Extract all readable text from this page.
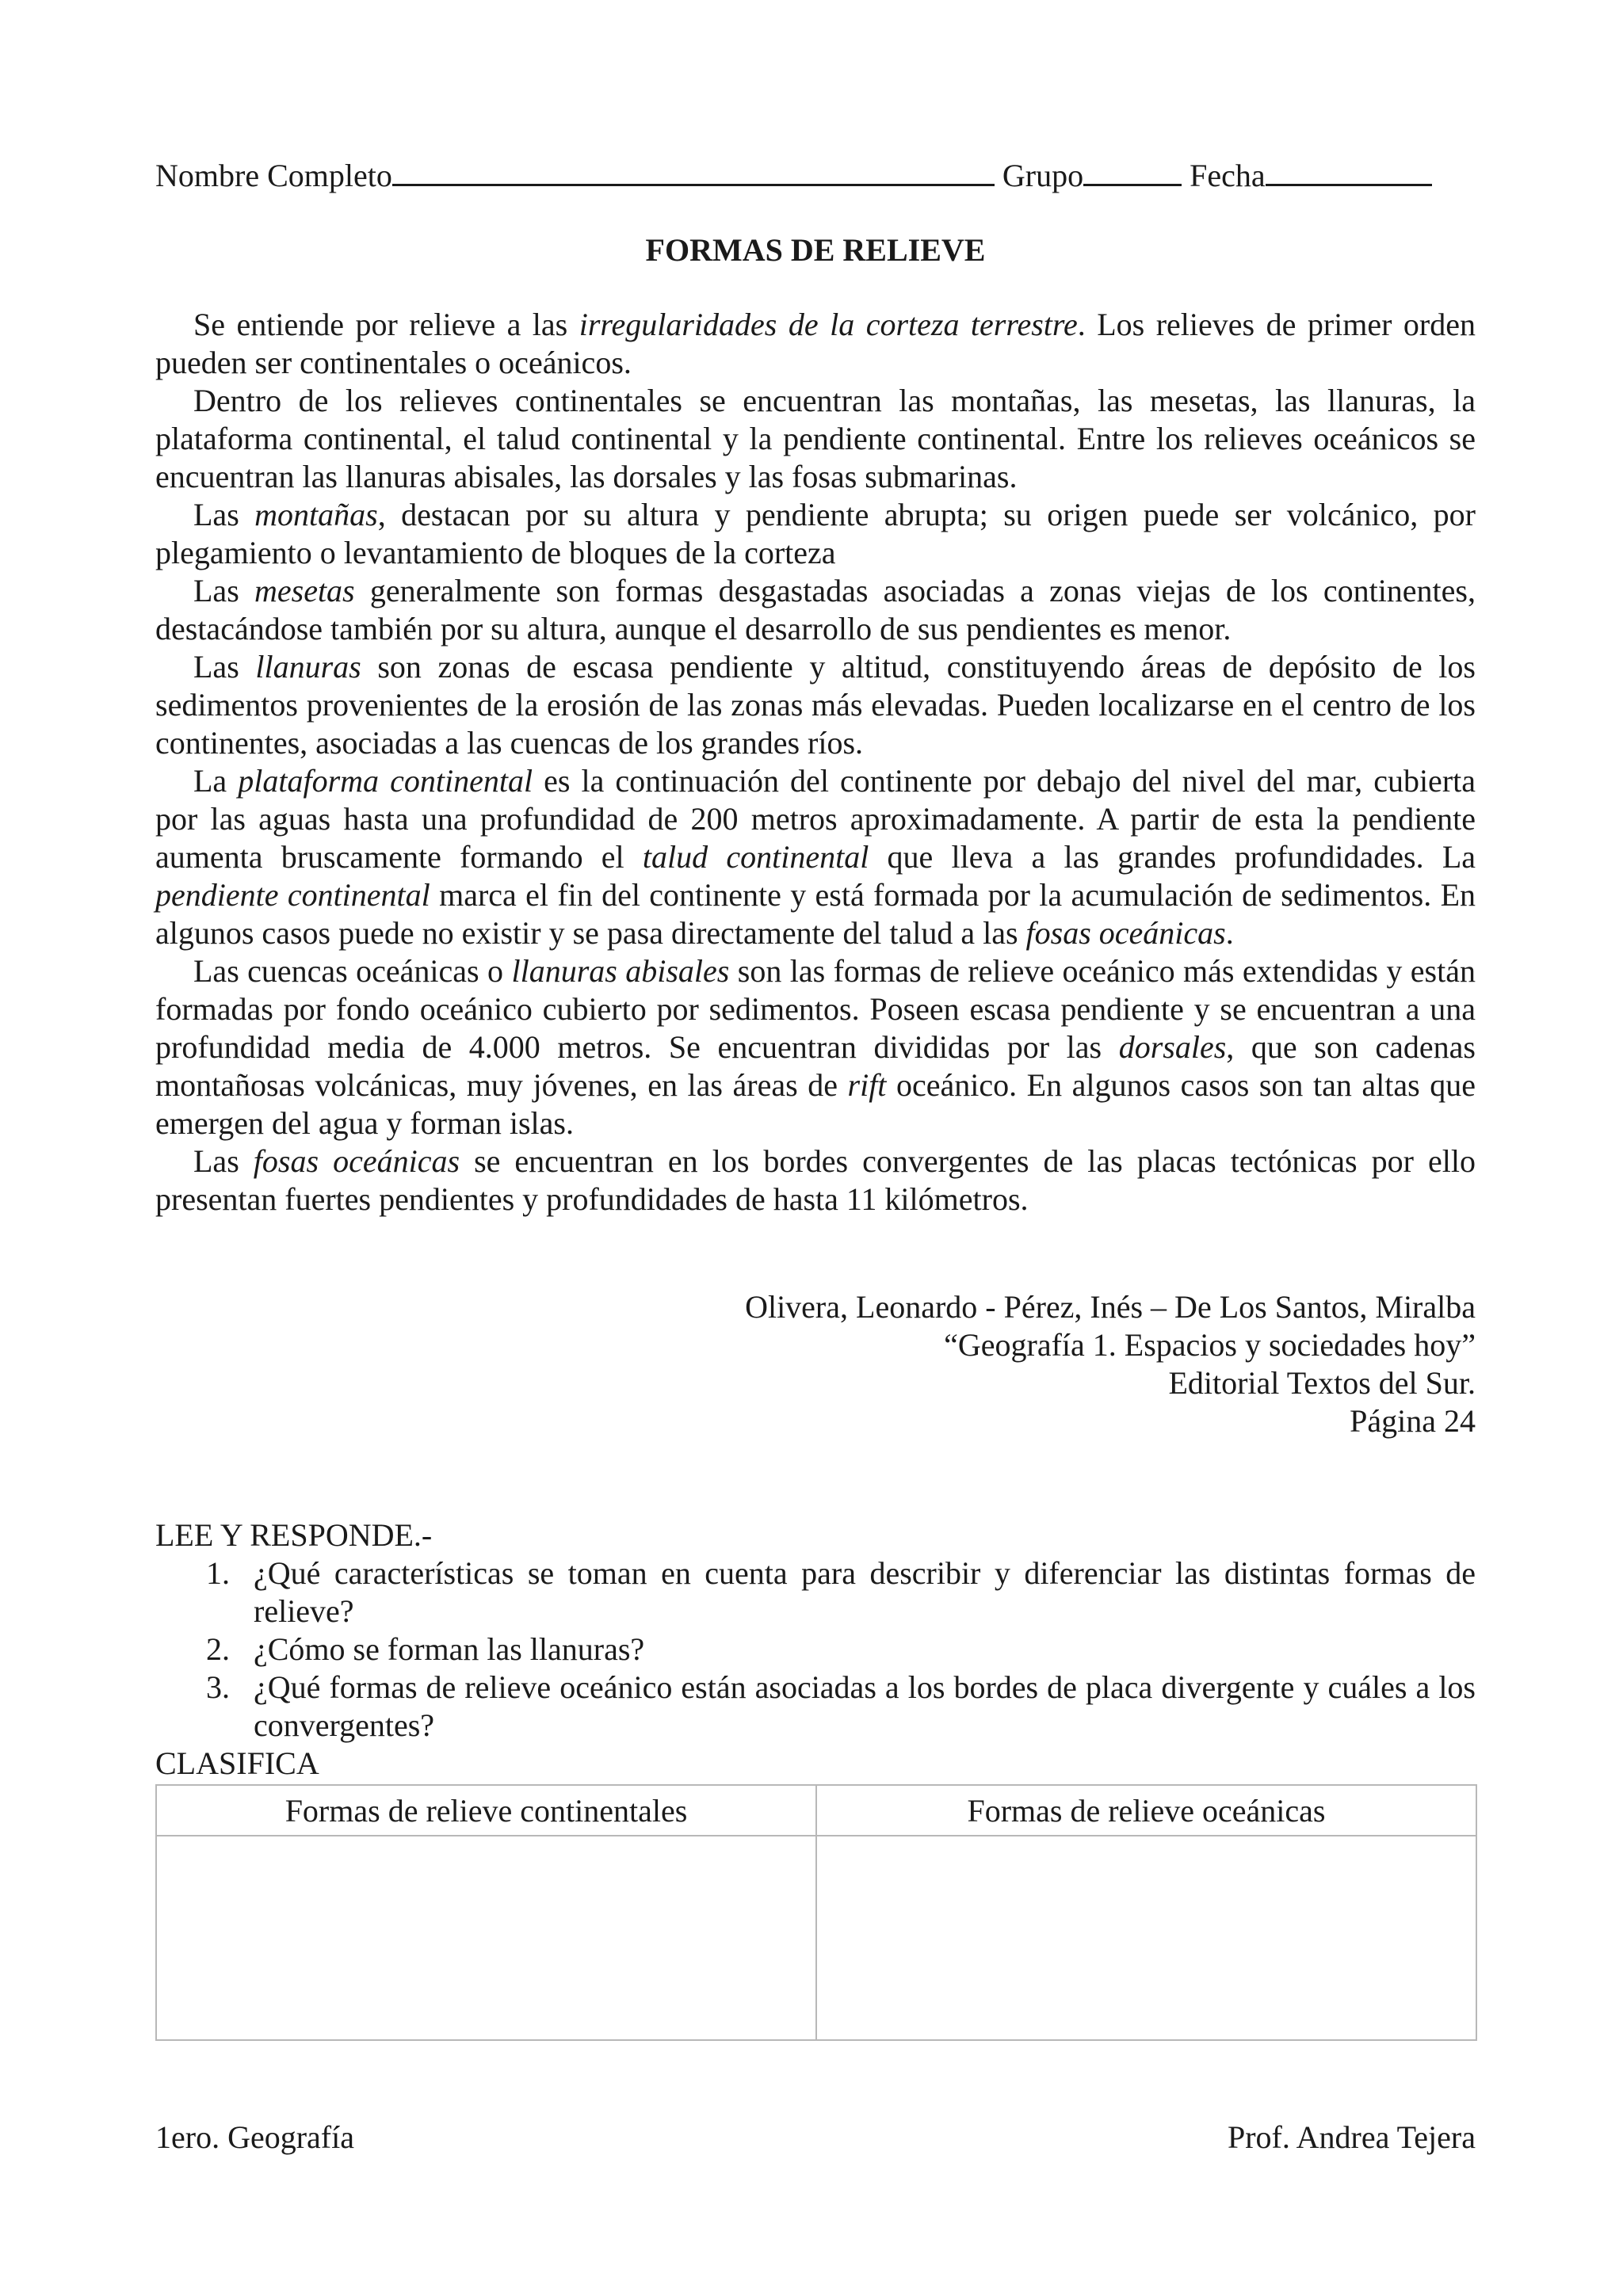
Nombre Completo	Grupo	Fecha
FORMAS DE RELIEVE

Se entiende por relieve a las irregularidades de la corteza terrestre. Los relieves de primer orden pueden ser continentales o oceánicos.

Dentro de los relieves continentales se encuentran las montañas, las mesetas, las llanuras, la plataforma continental, el talud continental y la pendiente continental. Entre los relieves oceánicos se encuentran las llanuras abisales, las dorsales y las fosas submarinas.

Las montañas, destacan por su altura y pendiente abrupta; su origen puede ser volcánico, por plegamiento o levantamiento de bloques de la corteza

Las mesetas generalmente son formas desgastadas asociadas a zonas viejas de los continentes, destacándose también por su altura, aunque el desarrollo de sus pendientes es menor.

Las llanuras son zonas de escasa pendiente y altitud, constituyendo áreas de depósito de los sedimentos provenientes de la erosión de las zonas más elevadas. Pueden localizarse en el centro de los continentes, asociadas a las cuencas de los grandes ríos.

La plataforma continental es la continuación del continente por debajo del nivel del mar, cubierta por las aguas hasta una profundidad de 200 metros aproximadamente. A partir de esta la pendiente aumenta bruscamente formando el talud continental que lleva a las grandes profundidades. La pendiente continental marca el fin del continente y está formada por la acumulación de sedimentos. En algunos casos puede no existir y se pasa directamente del talud a las fosas oceánicas.

Las cuencas oceánicas o llanuras abisales son las formas de relieve oceánico más extendidas y están formadas por fondo oceánico cubierto por sedimentos. Poseen escasa pendiente y se encuentran a una profundidad media de 4.000 metros. Se encuentran divididas por las dorsales, que son cadenas montañosas volcánicas, muy jóvenes, en las áreas de rift oceánico. En algunos casos son tan altas que emergen del agua y forman islas.

Las fosas oceánicas se encuentran en los bordes convergentes de las placas tectónicas por ello presentan fuertes pendientes y profundidades de hasta 11 kilómetros.

Olivera, Leonardo - Pérez, Inés – De Los Santos, Miralba
“Geografía 1. Espacios y sociedades hoy”
Editorial Textos del Sur.
Página 24
LEE Y RESPONDE.-
1. ¿Qué características se toman en cuenta para describir y diferenciar las distintas formas de relieve?
2. ¿Cómo se forman las llanuras?
3. ¿Qué formas de relieve oceánico están asociadas a los bordes de placa divergente y cuáles a los convergentes?
CLASIFICA
Formas de relieve continentales	Formas de relieve oceánicas

1ero. Geografía	Prof. Andrea Tejera
